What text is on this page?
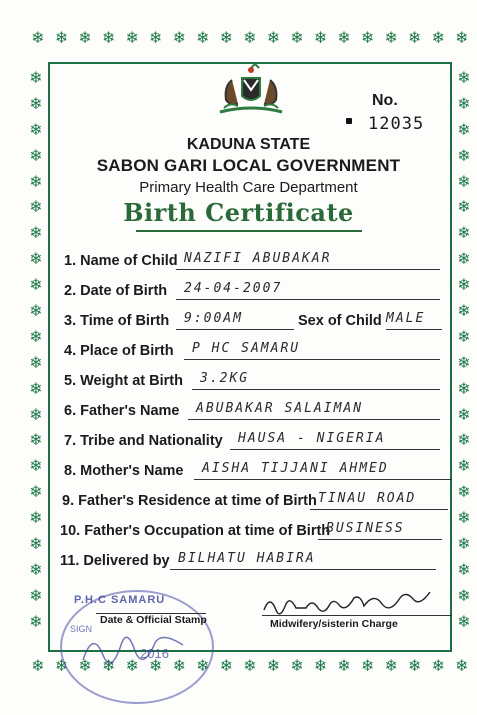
❄ ❄ ❄ ❄ ❄ ❄ ❄ ❄ ❄ ❄ ❄ ❄ ❄ ❄ ❄ ❄ ❄ ❄ ❄
❄ ❄ ❄ ❄ ❄ ❄ ❄ ❄ ❄ ❄ ❄ ❄ ❄ ❄ ❄ ❄ ❄ ❄ ❄
❄
❄
❄
❄
❄
❄
❄
❄
❄
❄
❄
❄
❄
❄
❄
❄
❄
❄
❄
❄
❄
❄
❄
❄
❄
❄
❄
❄
❄
❄
❄
❄
❄
❄
❄
❄
❄
❄
❄
❄
❄
❄
❄
❄
No.
12035
KADUNA STATE
SABON GARI LOCAL GOVERNMENT
Primary Health Care Department
Birth Certificate
1. Name of Child NAZIFI ABUBAKAR
2. Date of Birth 24-04-2007
3. Time of Birth 9:00AM
4. Place of Birth P HC SAMARU
5. Weight at Birth 3.2KG
6. Father's Name ABUBAKAR SALAIMAN
7. Tribe and Nationality HAUSA - NIGERIA
8. Mother's Name AISHA TIJJANI AHMED
9. Father's Residence at time of Birth TINAU ROAD
10. Father's Occupation at time of Birth
BUSINESS
11. Delivered by BILHATU HABIRA
Sex of Child MALE
P.H.C SAMARU
SIGN
2016
Date & Official Stamp	Midwifery/sisterin Charge
